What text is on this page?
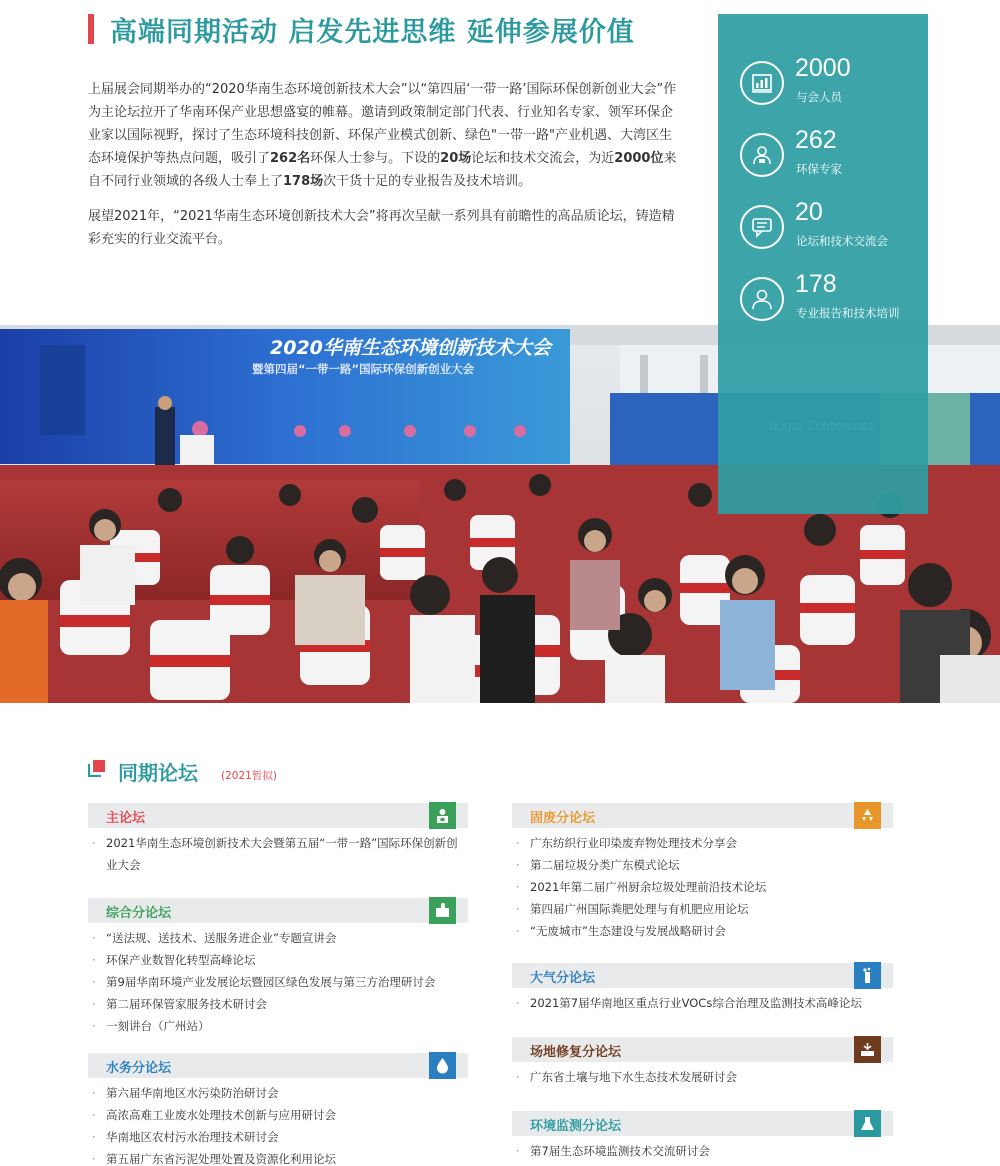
高端同期活动 启发先进思维 延伸参展价值

上届展会同期举办的“2020华南生态环境创新技术大会”以“第四届‘一带一路’国际环保创新创业大会”作为主论坛拉开了华南环保产业思想盛宴的帷幕。邀请到政策制定部门代表、行业知名专家、领军环保企业家以国际视野，探讨了生态环境科技创新、环保产业模式创新、绿色"一带一路"产业机遇、大湾区生态环境保护等热点问题，吸引了262名环保人士参与。下设的20场论坛和技术交流会，为近2000位来自不同行业领域的各级人士奉上了178场次干货十足的专业报告及技术培训。

展望2021年，“2021华南生态环境创新技术大会”将再次呈献一系列具有前瞻性的高品质论坛，铸造精彩充实的行业交流平台。

2000
与会人员
262
环保专家
20
论坛和技术交流会
178
专业报告和技术培训
2020华南生态环境创新技术大会
暨第四届“一带一路”国际环保创新创业大会
同期论坛 (2021暂拟)
主论坛
· 2021华南生态环境创新技术大会暨第五届“一带一路”国际环保创新创业大会
综合分论坛
· “送法规、送技术、送服务进企业”专题宣讲会
· 环保产业数智化转型高峰论坛
· 第9届华南环境产业发展论坛暨园区绿色发展与第三方治理研讨会
· 第二届环保管家服务技术研讨会
· 一刻讲台（广州站）
水务分论坛
· 第六届华南地区水污染防治研讨会
· 高浓高难工业废水处理技术创新与应用研讨会
· 华南地区农村污水治理技术研讨会
· 第五届广东省污泥处理处置及资源化利用论坛
固废分论坛
· 广东纺织行业印染废弃物处理技术分享会
· 第二届垃圾分类广东模式论坛
· 2021年第二届广州厨余垃圾处理前沿技术论坛
· 第四届广州国际粪肥处理与有机肥应用论坛
· “无废城市”生态建设与发展战略研讨会
大气分论坛
· 2021第7届华南地区重点行业VOCs综合治理及监测技术高峰论坛
场地修复分论坛
· 广东省土壤与地下水生态技术发展研讨会
环境监测分论坛
· 第7届生态环境监测技术交流研讨会
